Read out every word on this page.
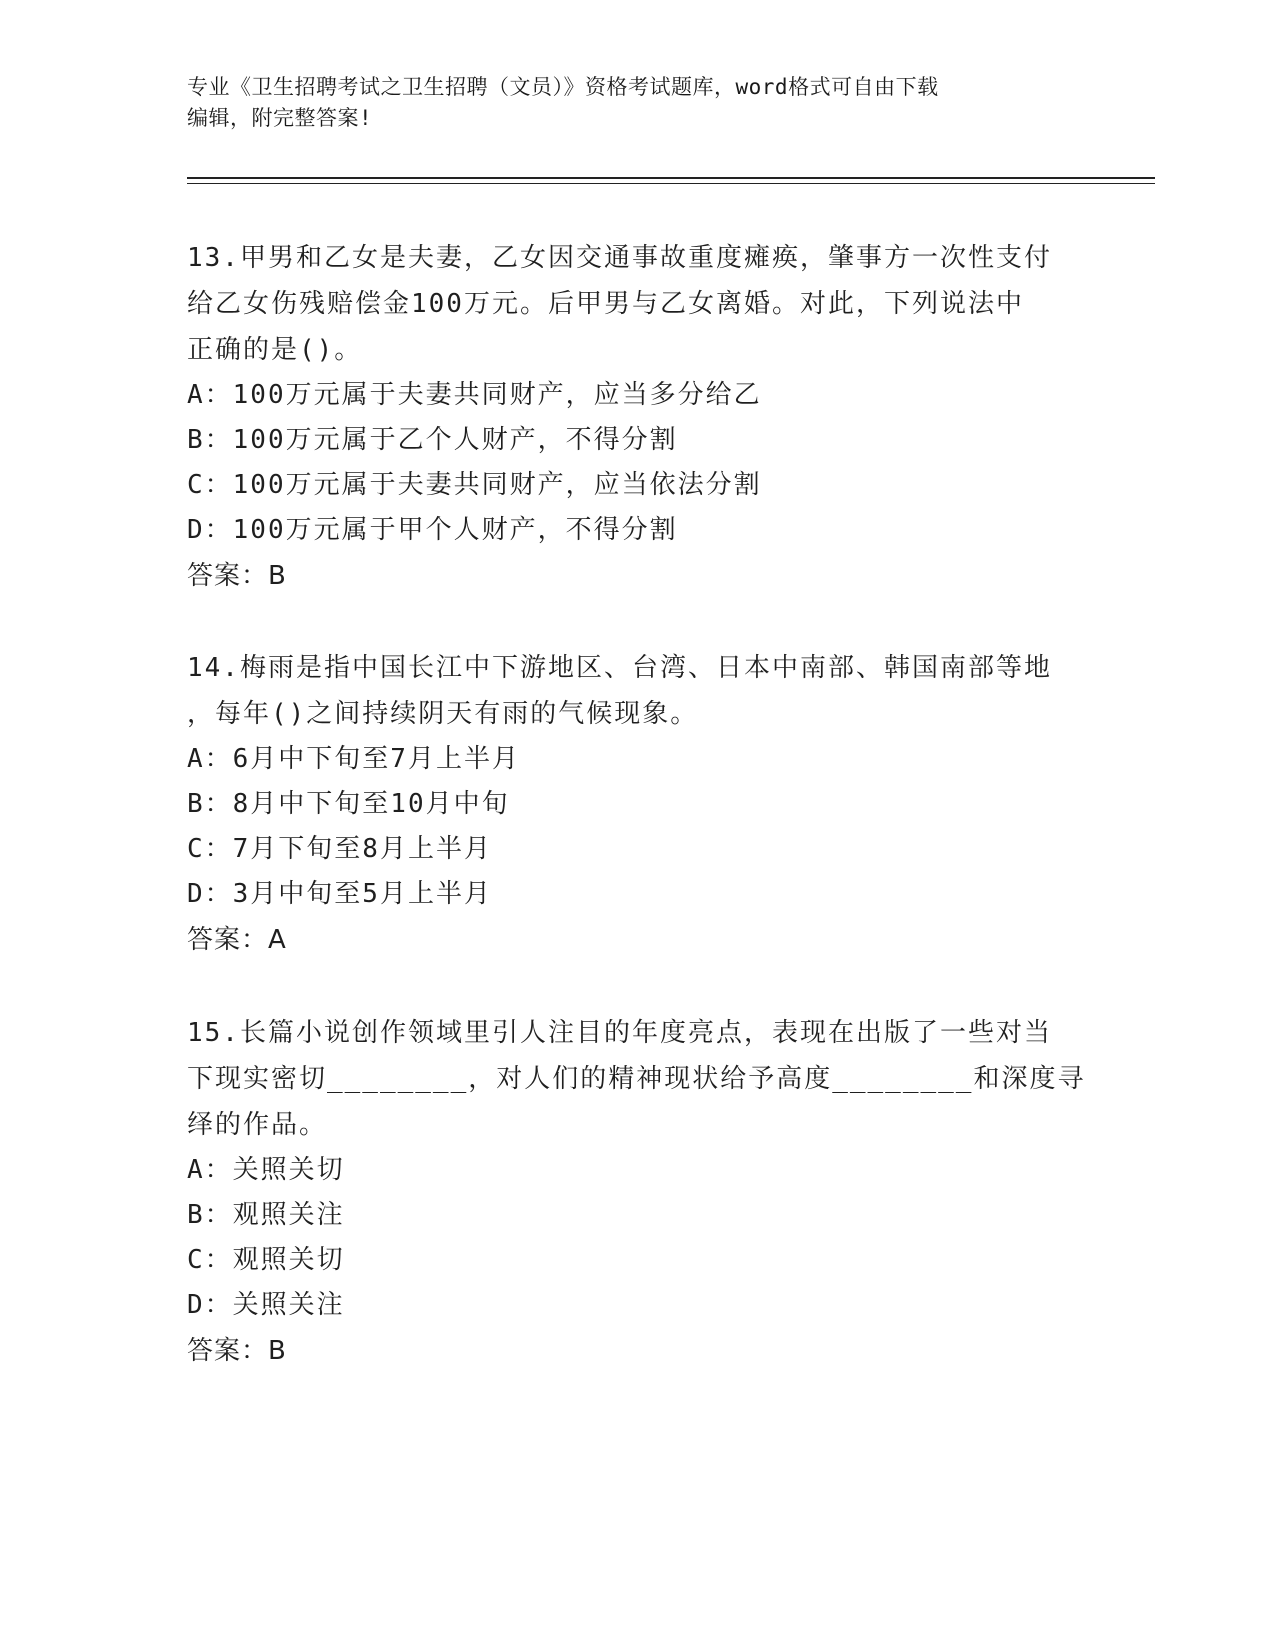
专业《卫生招聘考试之卫生招聘（文员）》资格考试题库，word格式可自由下载
编辑，附完整答案!
13.甲男和乙女是夫妻，乙女因交通事故重度瘫痪，肇事方一次性支付
给乙女伤残赔偿金100万元。后甲男与乙女离婚。对此，下列说法中
正确的是()。
A：100万元属于夫妻共同财产，应当多分给乙
B：100万元属于乙个人财产，不得分割
C：100万元属于夫妻共同财产，应当依法分割
D：100万元属于甲个人财产，不得分割
答案：B
14.梅雨是指中国长江中下游地区、台湾、日本中南部、韩国南部等地
，每年()之间持续阴天有雨的气候现象。
A：6月中下旬至7月上半月
B：8月中下旬至10月中旬
C：7月下旬至8月上半月
D：3月中旬至5月上半月
答案：A
15.长篇小说创作领域里引人注目的年度亮点，表现在出版了一些对当
下现实密切________，对人们的精神现状给予高度________和深度寻
绎的作品。
A：关照关切
B：观照关注
C：观照关切
D：关照关注
答案：B
